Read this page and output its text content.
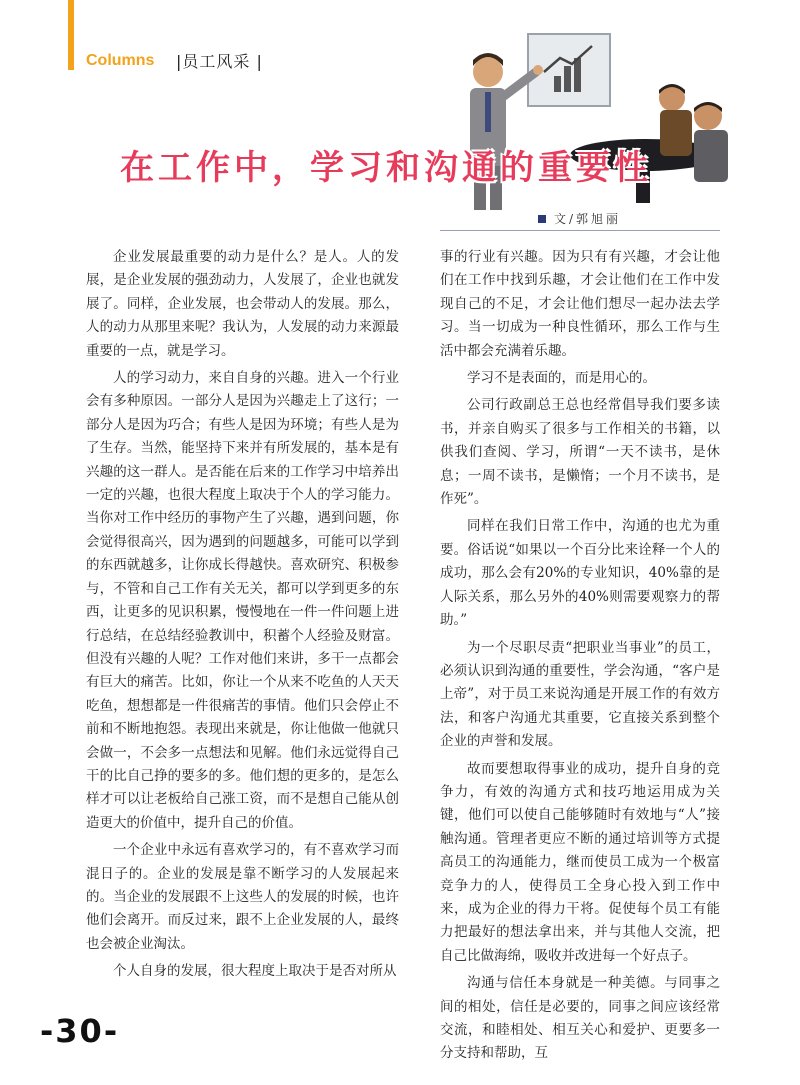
Columns |员工风采 |
在工作中，学习和沟通的重要性
文/郭旭丽

企业发展最重要的动力是什么？是人。人的发展，是企业发展的强劲动力，人发展了，企业也就发展了。同样，企业发展，也会带动人的发展。那么，人的动力从那里来呢？我认为，人发展的动力来源最重要的一点，就是学习。

人的学习动力，来自自身的兴趣。进入一个行业会有多种原因。一部分人是因为兴趣走上了这行；一部分人是因为巧合；有些人是因为环境；有些人是为了生存。当然，能坚持下来并有所发展的，基本是有兴趣的这一群人。是否能在后来的工作学习中培养出一定的兴趣，也很大程度上取决于个人的学习能力。当你对工作中经历的事物产生了兴趣，遇到问题，你会觉得很高兴，因为遇到的问题越多，可能可以学到的东西就越多，让你成长得越快。喜欢研究、积极参与，不管和自己工作有关无关，都可以学到更多的东西，让更多的见识积累，慢慢地在一件一件问题上进行总结，在总结经验教训中，积蓄个人经验及财富。但没有兴趣的人呢？工作对他们来讲，多干一点都会有巨大的痛苦。比如，你让一个从来不吃鱼的人天天吃鱼，想想都是一件很痛苦的事情。他们只会停止不前和不断地抱怨。表现出来就是，你让他做一他就只会做一，不会多一点想法和见解。他们永远觉得自己干的比自己挣的要多的多。他们想的更多的，是怎么样才可以让老板给自己涨工资，而不是想自己能从创造更大的价值中，提升自己的价值。

一个企业中永远有喜欢学习的，有不喜欢学习而混日子的。企业的发展是靠不断学习的人发展起来的。当企业的发展跟不上这些人的发展的时候，也许他们会离开。而反过来，跟不上企业发展的人，最终也会被企业淘汰。

个人自身的发展，很大程度上取决于是否对所从

事的行业有兴趣。因为只有有兴趣，才会让他们在工作中找到乐趣，才会让他们在工作中发现自己的不足，才会让他们想尽一起办法去学习。当一切成为一种良性循环，那么工作与生活中都会充满着乐趣。

学习不是表面的，而是用心的。

公司行政副总王总也经常倡导我们要多读书，并亲自购买了很多与工作相关的书籍，以供我们查阅、学习，所谓“一天不读书，是休息；一周不读书，是懒惰；一个月不读书，是作死”。

同样在我们日常工作中，沟通的也尤为重要。俗话说“如果以一个百分比来诠释一个人的成功，那么会有20%的专业知识，40%靠的是人际关系，那么另外的40%则需要观察力的帮助。”

为一个尽职尽责“把职业当事业”的员工，必须认识到沟通的重要性，学会沟通，“客户是上帝”，对于员工来说沟通是开展工作的有效方法，和客户沟通尤其重要，它直接关系到整个企业的声誉和发展。

故而要想取得事业的成功，提升自身的竞争力，有效的沟通方式和技巧地运用成为关键，他们可以使自己能够随时有效地与“人”接触沟通。管理者更应不断的通过培训等方式提高员工的沟通能力，继而使员工成为一个极富竞争力的人，使得员工全身心投入到工作中来，成为企业的得力干将。促使每个员工有能力把最好的想法拿出来，并与其他人交流，把自己比做海绵，吸收并改进每一个好点子。

沟通与信任本身就是一种美德。与同事之间的相处，信任是必要的，同事之间应该经常交流，和睦相处、相互关心和爱护、更要多一分支持和帮助，互

-30-
